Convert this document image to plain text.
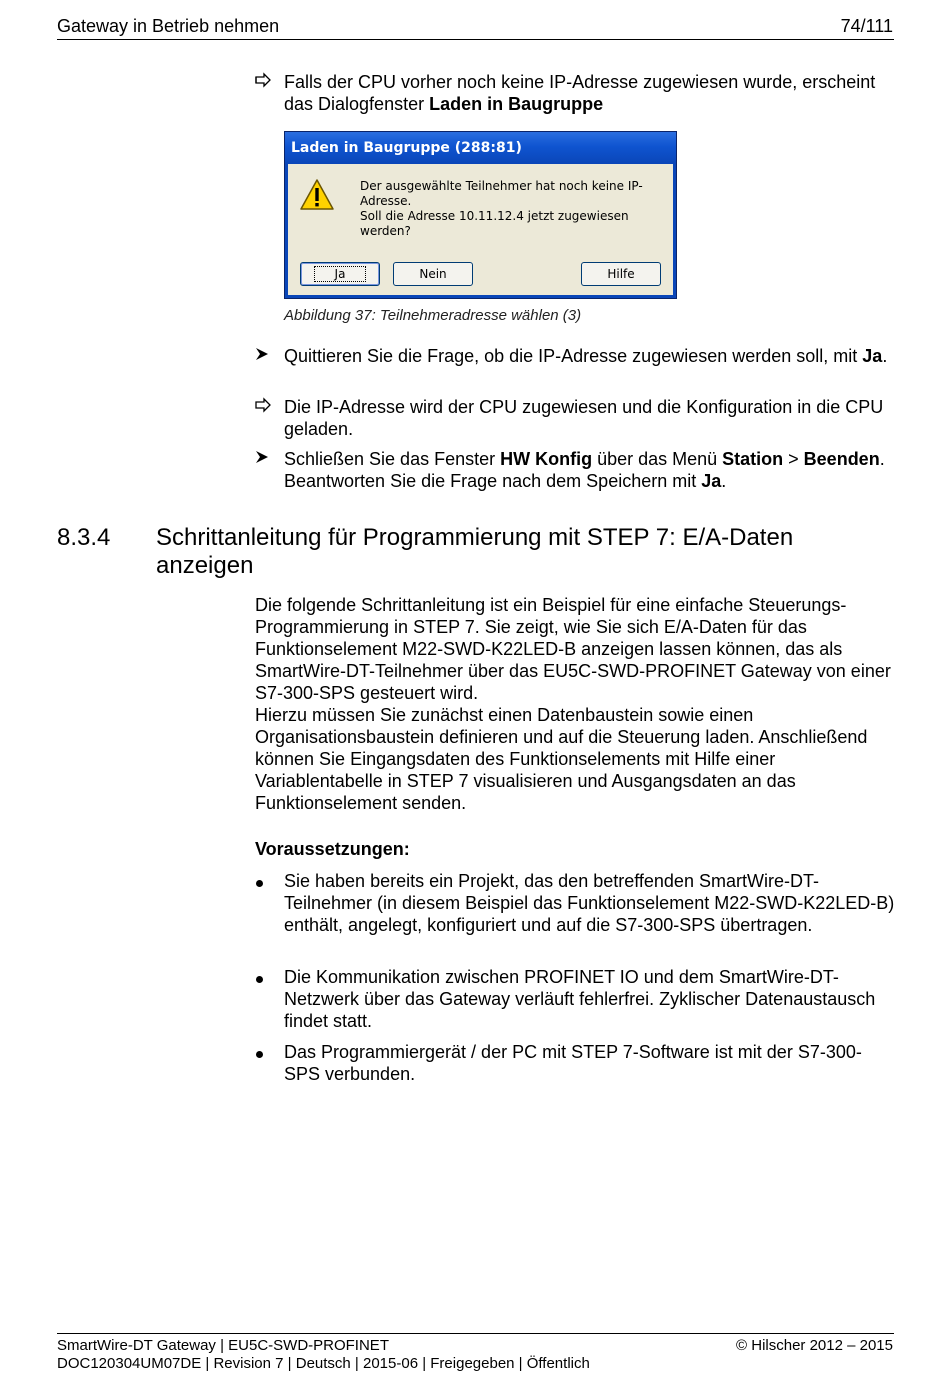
Gateway in Betrieb nehmen	74/111
Falls der CPU vorher noch keine IP-Adresse zugewiesen wurde, erscheint das Dialogfenster Laden in Baugruppe
Laden in Baugruppe (288:81)
Der ausgewählte Teilnehmer hat noch keine IP-Adresse.
Soll die Adresse 10.11.12.4 jetzt zugewiesen werden?
Ja	Nein	Hilfe
Abbildung 37: Teilnehmeradresse wählen (3)
Quittieren Sie die Frage, ob die IP-Adresse zugewiesen werden soll, mit Ja.
Die IP-Adresse wird der CPU zugewiesen und die Konfiguration in die CPU geladen.
Schließen Sie das Fenster HW Konfig über das Menü Station > Beenden. Beantworten Sie die Frage nach dem Speichern mit Ja.
8.3.4 Schrittanleitung für Programmierung mit STEP 7: E/A-Daten anzeigen
Die folgende Schrittanleitung ist ein Beispiel für eine einfache Steuerungs-Programmierung in STEP 7. Sie zeigt, wie Sie sich E/A-Daten für das Funktionselement M22-SWD-K22LED-B anzeigen lassen können, das als SmartWire-DT-Teilnehmer über das EU5C-SWD-PROFINET Gateway von einer S7-300-SPS gesteuert wird.
Hierzu müssen Sie zunächst einen Datenbaustein sowie einen Organisationsbaustein definieren und auf die Steuerung laden. Anschließend können Sie Eingangsdaten des Funktionselements mit Hilfe einer Variablentabelle in STEP 7 visualisieren und Ausgangsdaten an das Funktionselement senden.
Voraussetzungen:
Sie haben bereits ein Projekt, das den betreffenden SmartWire-DT-Teilnehmer (in diesem Beispiel das Funktionselement M22-SWD-K22LED-B) enthält, angelegt, konfiguriert und auf die S7-300-SPS übertragen.
Die Kommunikation zwischen PROFINET IO und dem SmartWire-DT-Netzwerk über das Gateway verläuft fehlerfrei. Zyklischer Datenaustausch findet statt.
Das Programmiergerät / der PC mit STEP 7-Software ist mit der S7-300-SPS verbunden.
SmartWire-DT Gateway | EU5C-SWD-PROFINET
DOC120304UM07DE | Revision 7 | Deutsch | 2015-06 | Freigegeben | Öffentlich
© Hilscher 2012 – 2015
